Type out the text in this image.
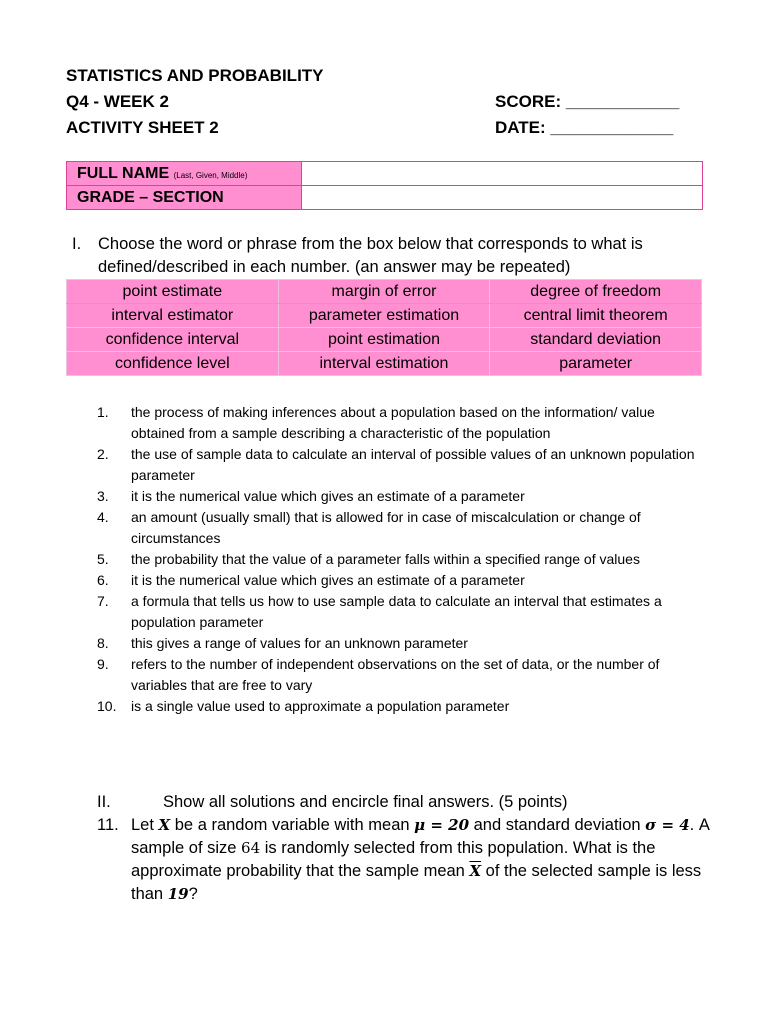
STATISTICS AND PROBABILITY
Q4 - WEEK 2
ACTIVITY SHEET 2
SCORE: ____________
DATE: _____________
FULL NAME (Last, Given, Middle)	
GRADE – SECTION	
I. Choose the word or phrase from the box below that corresponds to what is defined/described in each number. (an answer may be repeated)
point estimate	margin of error	degree of freedom
interval estimator	parameter estimation	central limit theorem
confidence interval	point estimation	standard deviation
confidence level	interval estimation	parameter
1.	the process of making inferences about a population based on the information/ value obtained from a sample describing a characteristic of the population
2.	the use of sample data to calculate an interval of possible values of an unknown population parameter
3.	it is the numerical value which gives an estimate of a parameter
4.	an amount (usually small) that is allowed for in case of miscalculation or change of circumstances
5.	the probability that the value of a parameter falls within a specified range of values
6.	it is the numerical value which gives an estimate of a parameter
7.	a formula that tells us how to use sample data to calculate an interval that estimates a population parameter
8.	this gives a range of values for an unknown parameter
9.	refers to the number of independent observations on the set of data, or the number of variables that are free to vary
10.	is a single value used to approximate a population parameter
II.	Show all solutions and encircle final answers. (5 points)
11. Let X be a random variable with mean μ = 20 and standard deviation σ = 4. A sample of size 64 is randomly selected from this population. What is the approximate probability that the sample mean $\overline{X}$ of the selected sample is less than 19?
